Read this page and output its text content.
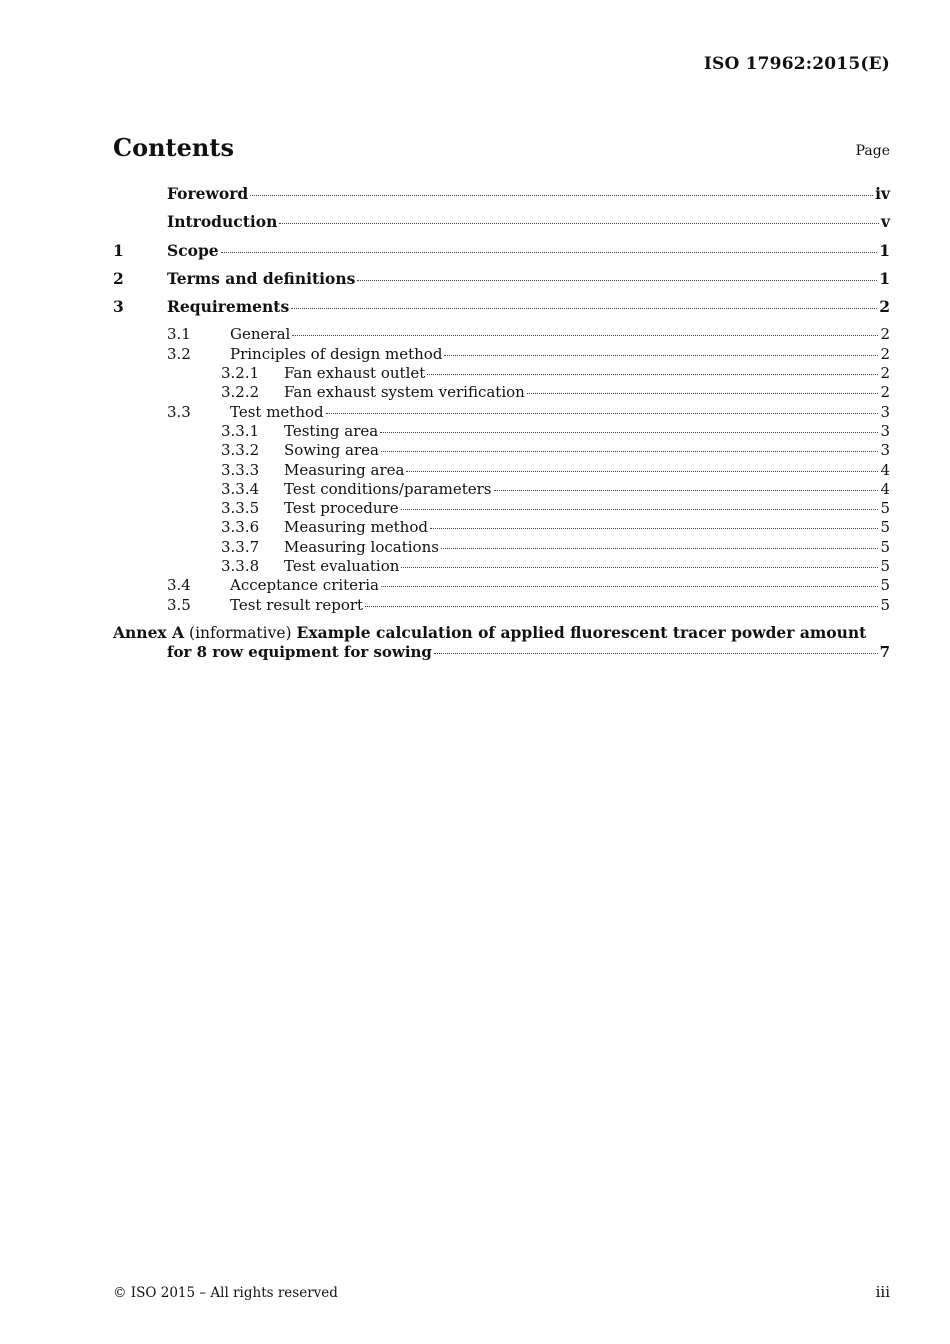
ISO 17962:2015(E)
Contents	Page
Foreword	iv
Introduction	v
1	Scope	1
2	Terms and definitions	1
3	Requirements	2
3.1	General	2
3.2	Principles of design method	2
3.2.1	Fan exhaust outlet	2
3.2.2	Fan exhaust system verification	2
3.3	Test method	3
3.3.1	Testing area	3
3.3.2	Sowing area	3
3.3.3	Measuring area	4
3.3.4	Test conditions/parameters	4
3.3.5	Test procedure	5
3.3.6	Measuring method	5
3.3.7	Measuring locations	5
3.3.8	Test evaluation	5
3.4	Acceptance criteria	5
3.5	Test result report	5
Annex A (informative) Example calculation of applied fluorescent tracer powder amount
for 8 row equipment for sowing	7
© ISO 2015 – All rights reserved	iii
